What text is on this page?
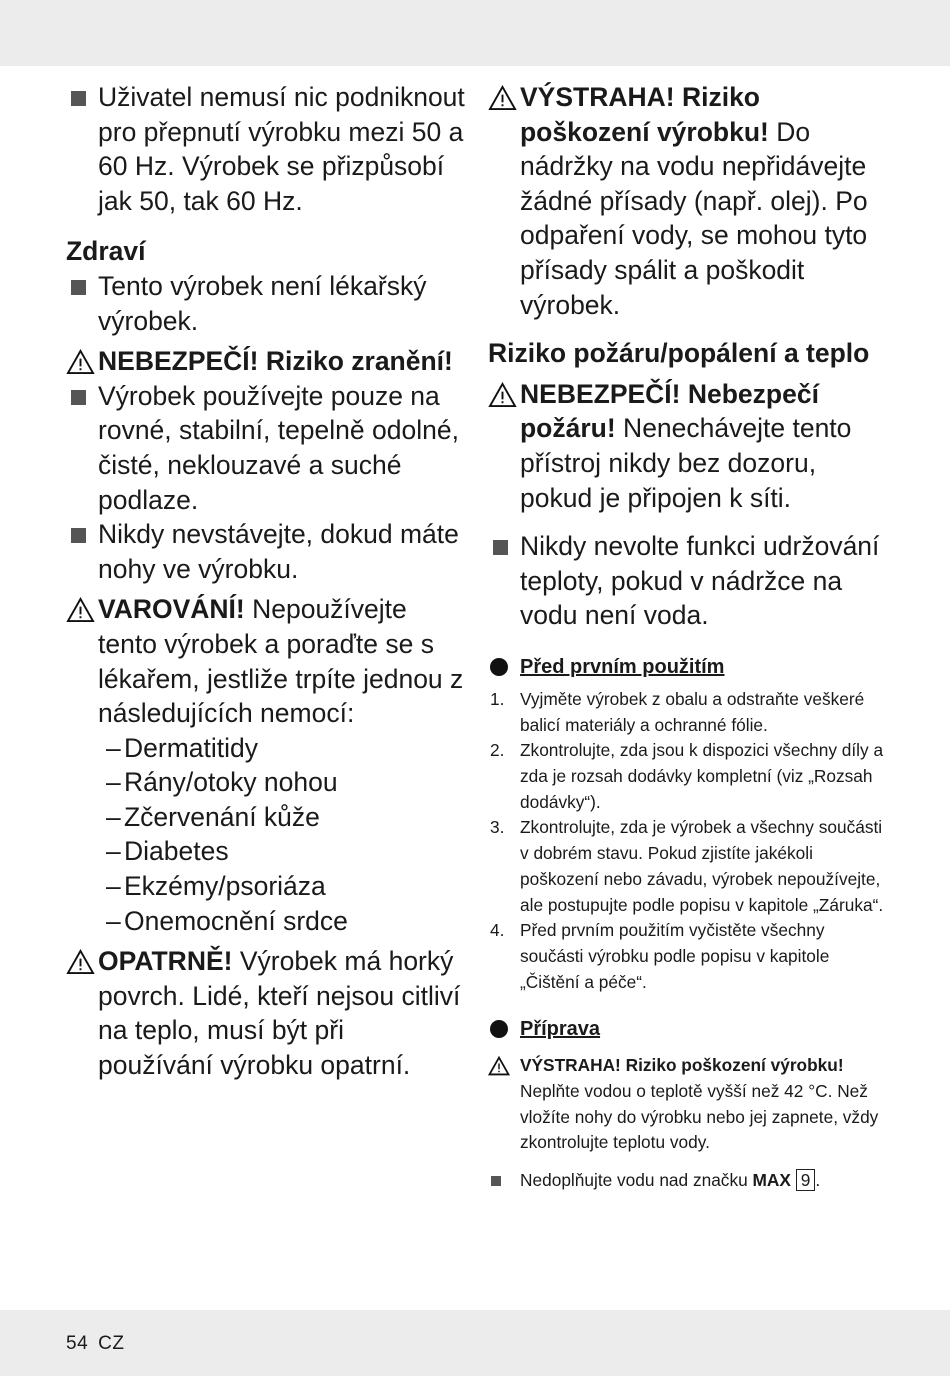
Uživatel nemusí nic podniknout pro přepnutí výrobku mezi 50 a 60 Hz. Výrobek se přizpůsobí jak 50, tak 60 Hz.
Zdraví
Tento výrobek není lékařský výrobek.
NEBEZPEČÍ! Riziko zranění!
Výrobek používejte pouze na rovné, stabilní, tepelně odolné, čisté, neklouzavé a suché podlaze.
Nikdy nevstávejte, dokud máte nohy ve výrobku.
VAROVÁNÍ! Nepoužívejte tento výrobek a poraďte se s lékařem, jestliže trpíte jednou z následujících nemocí:
– Dermatitidy
– Rány/otoky nohou
– Zčervenání kůže
– Diabetes
– Ekzémy/psoriáza
– Onemocnění srdce
OPATRNĚ! Výrobek má horký povrch. Lidé, kteří nejsou citliví na teplo, musí být při používání výrobku opatrní.
VÝSTRAHA! Riziko poškození výrobku! Do nádržky na vodu nepřidávejte žádné přísady (např. olej). Po odpaření vody, se mohou tyto přísady spálit a poškodit výrobek.
Riziko požáru/popálení a teplo
NEBEZPEČÍ! Nebezpečí požáru! Nenechávejte tento přístroj nikdy bez dozoru, pokud je připojen k síti.
Nikdy nevolte funkci udržování teploty, pokud v nádržce na vodu není voda.
Před prvním použitím
1. Vyjměte výrobek z obalu a odstraňte veškeré balicí materiály a ochranné fólie.
2. Zkontrolujte, zda jsou k dispozici všechny díly a zda je rozsah dodávky kompletní (viz „Rozsah dodávky“).
3. Zkontrolujte, zda je výrobek a všechny součásti v dobrém stavu. Pokud zjistíte jakékoli poškození nebo závadu, výrobek nepoužívejte, ale postupujte podle popisu v kapitole „Záruka“.
4. Před prvním použitím vyčistěte všechny součásti výrobku podle popisu v kapitole „Čištění a péče“.
Příprava
VÝSTRAHA! Riziko poškození výrobku!
Neplňte vodou o teplotě vyšší než 42 °C. Než vložíte nohy do výrobku nebo jej zapnete, vždy zkontrolujte teplotu vody.
Nedoplňujte vodu nad značku MAX 9 .
54 CZ
